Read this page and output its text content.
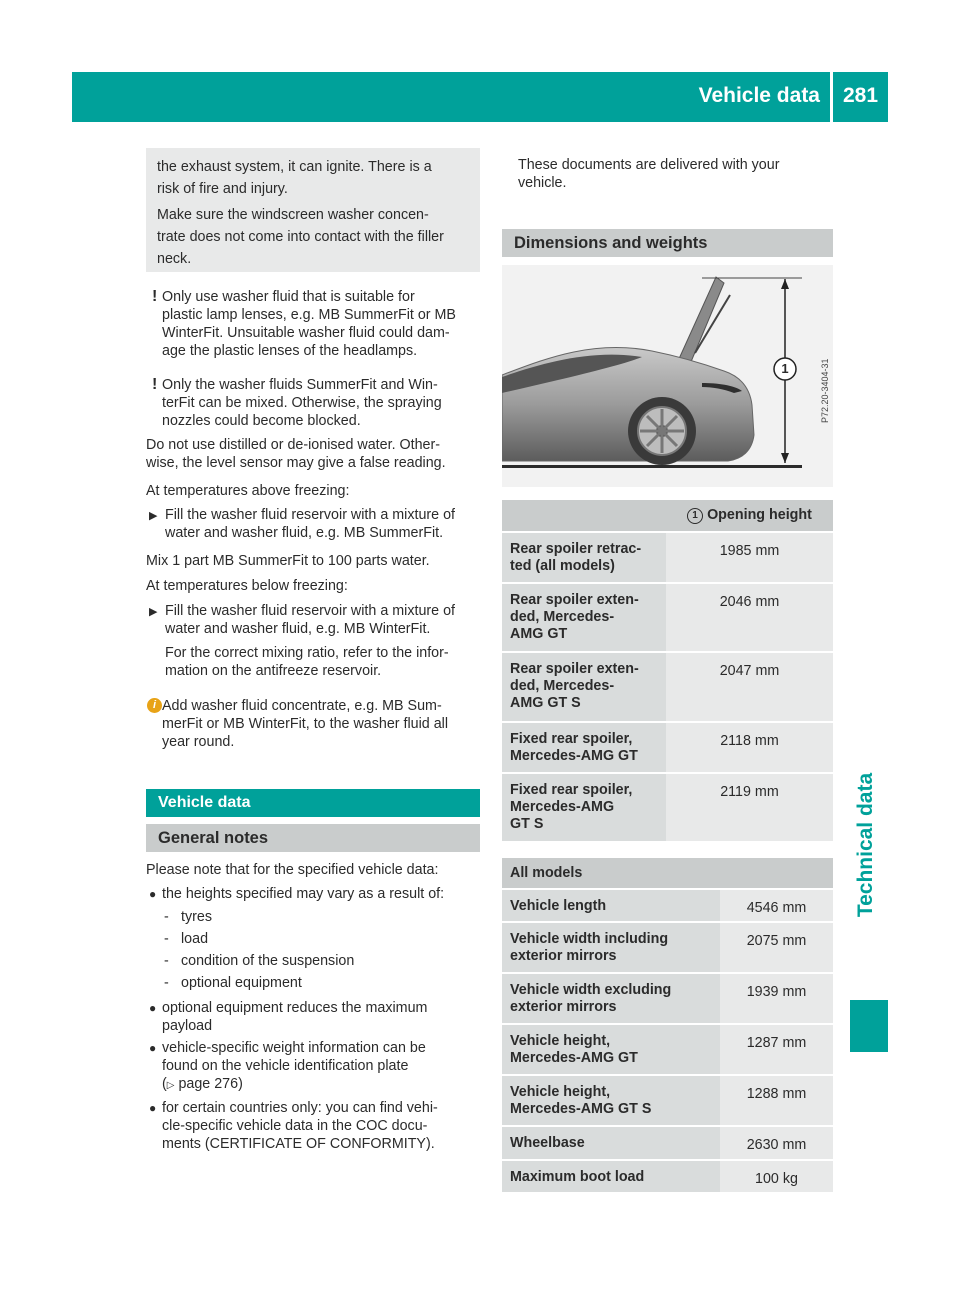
Vehicle data 281
Technical data

the exhaust system, it can ignite. There is a
risk of fire and injury.

Make sure the windscreen washer concen-
trate does not come into contact with the filler
neck.

! Only use washer fluid that is suitable for
plastic lamp lenses, e.g. MB SummerFit or MB
WinterFit. Unsuitable washer fluid could dam-
age the plastic lenses of the headlamps.
! Only the washer fluids SummerFit and Win-
terFit can be mixed. Otherwise, the spraying
nozzles could become blocked.
Do not use distilled or de-ionised water. Other-
wise, the level sensor may give a false reading.
At temperatures above freezing:
▶ Fill the washer fluid reservoir with a mixture of
water and washer fluid, e.g. MB SummerFit.
Mix 1 part MB SummerFit to 100 parts water.
At temperatures below freezing:
▶ Fill the washer fluid reservoir with a mixture of
water and washer fluid, e.g. MB WinterFit.
For the correct mixing ratio, refer to the infor-
mation on the antifreeze reservoir.
i Add washer fluid concentrate, e.g. MB Sum-
merFit or MB WinterFit, to the washer fluid all
year round.
Vehicle data
General notes
Please note that for the specified vehicle data:
● the heights specified may vary as a result of:
- tyres
- load
- condition of the suspension
- optional equipment
● optional equipment reduces the maximum
payload
● vehicle-specific weight information can be
found on the vehicle identification plate
(▷ page 276)
● for certain countries only: you can find vehi-
cle-specific vehicle data in the COC docu-
ments (CERTIFICATE OF CONFORMITY).
These documents are delivered with your
vehicle.
Dimensions and weights
1	P72.20-3404-31
1 Opening height
Rear spoiler retrac-
ted (all models)
1985 mm
Rear spoiler exten-
ded, Mercedes-
AMG GT
2046 mm
Rear spoiler exten-
ded, Mercedes-
AMG GT S
2047 mm
Fixed rear spoiler,
Mercedes-AMG GT
2118 mm
Fixed rear spoiler,
Mercedes-AMG
GT S
2119 mm
All models
Vehicle length	4546 mm
Vehicle width including
exterior mirrors
2075 mm
Vehicle width excluding
exterior mirrors
1939 mm
Vehicle height,
Mercedes-AMG GT
1287 mm
Vehicle height,
Mercedes-AMG GT S
1288 mm
Wheelbase	2630 mm
Maximum boot load	100 kg
